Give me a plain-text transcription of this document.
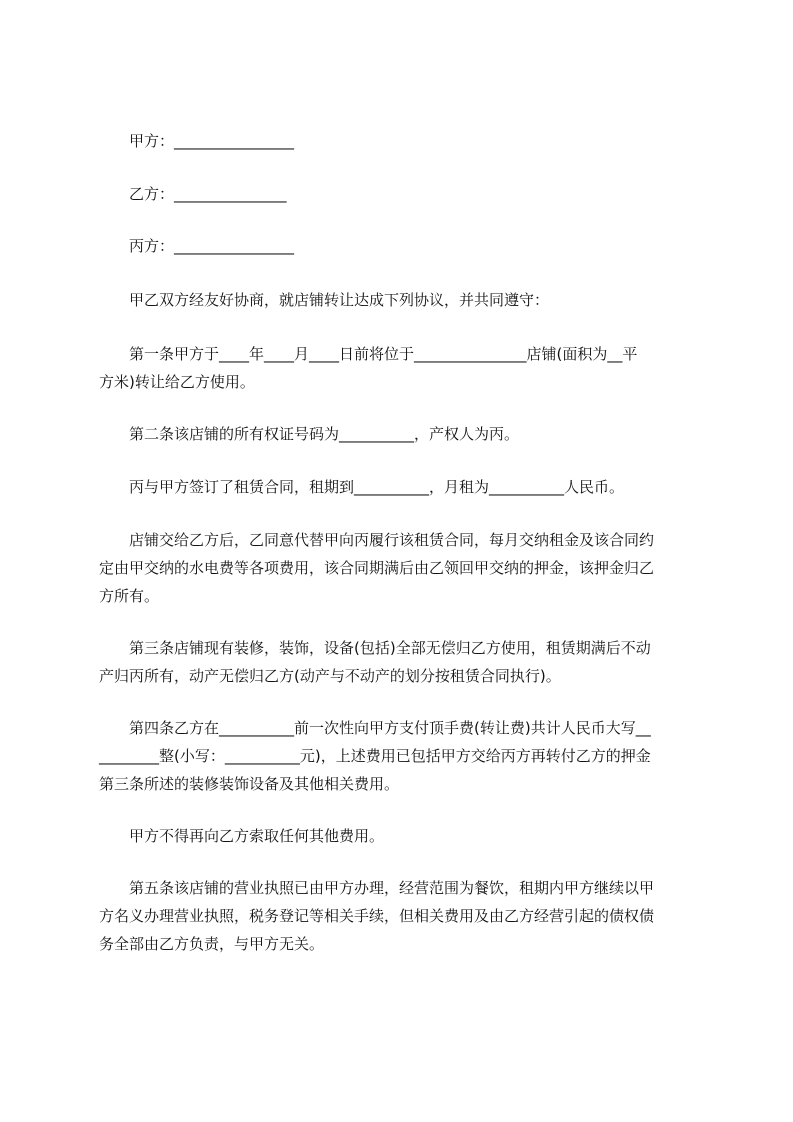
　　甲方：________________
　　乙方：_______________
　　丙方：________________
　　甲乙双方经友好协商，就店铺转让达成下列协议，并共同遵守：
　　第一条甲方于____年____月____日前将位于_______________店铺(面积为__平
方米)转让给乙方使用。
　　第二条该店铺的所有权证号码为__________，产权人为丙。
　　丙与甲方签订了租赁合同，租期到__________，月租为__________人民币。
　　店铺交给乙方后，乙同意代替甲向丙履行该租赁合同，每月交纳租金及该合同约
定由甲交纳的水电费等各项费用，该合同期满后由乙领回甲交纳的押金，该押金归乙
方所有。
　　第三条店铺现有装修，装饰，设备(包括)全部无偿归乙方使用，租赁期满后不动
产归丙所有，动产无偿归乙方(动产与不动产的划分按租赁合同执行)。
　　第四条乙方在__________前一次性向甲方支付顶手费(转让费)共计人民币大写__
________整(小写：__________元)，上述费用已包括甲方交给丙方再转付乙方的押金
第三条所述的装修装饰设备及其他相关费用。
　　甲方不得再向乙方索取任何其他费用。
　　第五条该店铺的营业执照已由甲方办理，经营范围为餐饮，租期内甲方继续以甲
方名义办理营业执照，税务登记等相关手续，但相关费用及由乙方经营引起的债权债
务全部由乙方负责，与甲方无关。
